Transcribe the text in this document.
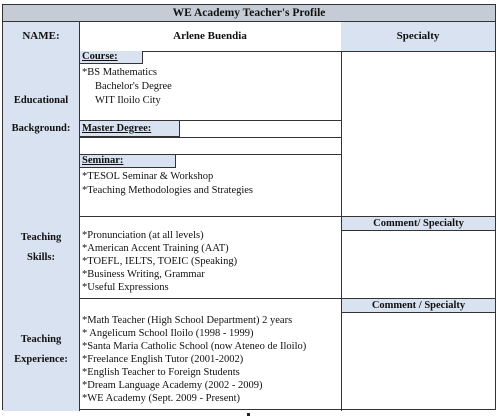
WE Academy Teacher's Profile
NAME:	Arlene Buendia	Specialty
Educational
Background:
Course:
*BS Mathematics
Bachelor's Degree
WIT Iloilo City
Master Degree:
Seminar:
*TESOL Seminar & Workshop
*Teaching Methodologies and Strategies
Teaching
Skills:
*Pronunciation (at all levels)
*American Accent Training (AAT)
*TOEFL, IELTS, TOEIC (Speaking)
*Business Writing, Grammar
*Useful Expressions
Comment/ Specialty
Teaching
Experience:
*Math Teacher (High School Department) 2 years
* Angelicum School Iloilo (1998 - 1999)
*Santa Maria Catholic School (now Ateneo de Iloilo)
*Freelance English Tutor (2001-2002)
*English Teacher to Foreign Students
*Dream Language Academy (2002 - 2009)
*WE Academy (Sept. 2009 - Present)
Comment / Specialty
